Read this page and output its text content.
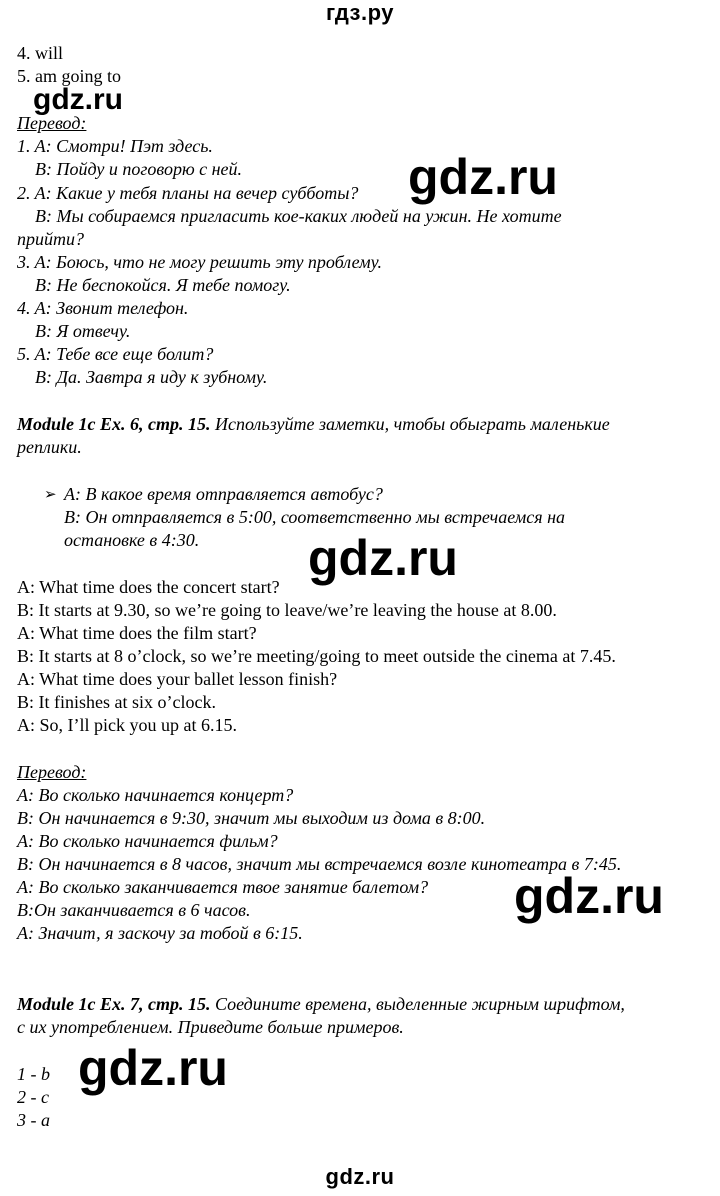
гдз.ру
4. will
5. am going to
Перевод:
1. A: Смотри! Пэт здесь.
B: Пойду и поговорю с ней.
2. A: Какие у тебя планы на вечер субботы?
B: Мы собираемся пригласить кое-каких людей на ужин. Не хотите
прийти?
3. A: Боюсь, что не могу решить эту проблему.
B: Не беспокойся. Я тебе помогу.
4. A: Звонит телефон.
B: Я отвечу.
5. A: Тебе все еще болит?
B: Да. Завтра я иду к зубному.
Module 1c Ex. 6, стр. 15. Используйте заметки, чтобы обыграть маленькие
реплики.
➢ A: В какое время отправляется автобус?
B: Он отправляется в 5:00, соответственно мы встречаемся на
остановке в 4:30.
A: What time does the concert start?
B: It starts at 9.30, so we’re going to leave/we’re leaving the house at 8.00.
A: What time does the film start?
B: It starts at 8 o’clock, so we’re meeting/going to meet outside the cinema at 7.45.
A: What time does your ballet lesson finish?
B: It finishes at six o’clock.
A: So, I’ll pick you up at 6.15.
Перевод:
A: Во сколько начинается концерт?
B: Он начинается в 9:30, значит мы выходим из дома в 8:00.
A: Во сколько начинается фильм?
B: Он начинается в 8 часов, значит мы встречаемся возле кинотеатра в 7:45.
A: Во сколько заканчивается твое занятие балетом?
B:Он заканчивается в 6 часов.
A: Значит, я заскочу за тобой в 6:15.
Module 1c Ex. 7, стр. 15. Соедините времена, выделенные жирным шрифтом,
с их употреблением. Приведите больше примеров.
1 - b
2 - c
3 - a
gdz.ru
gdz.ru
gdz.ru
gdz.ru
gdz.ru
gdz.ru
